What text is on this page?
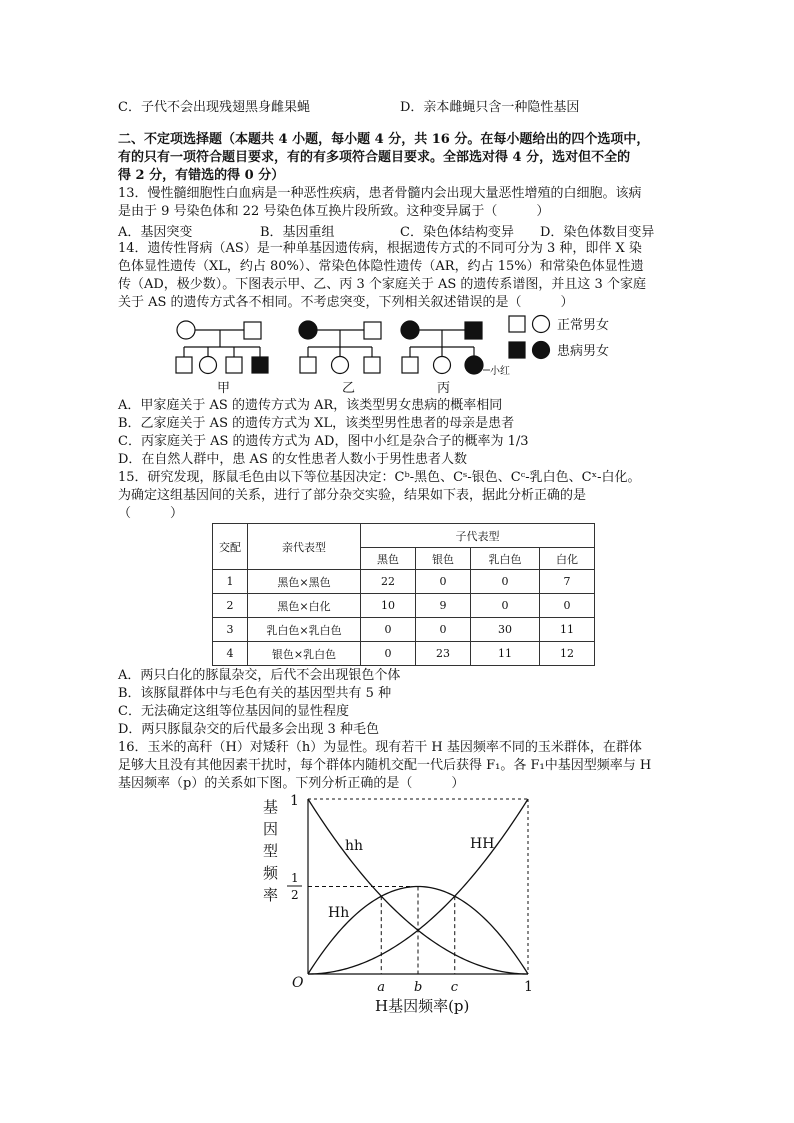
C．子代不会出现残翅黑身雌果蝇	D．亲本雌蝇只含一种隐性基因
二、不定项选择题（本题共 4 小题，每小题 4 分，共 16 分。在每小题给出的四个选项中，
有的只有一项符合题目要求，有的有多项符合题目要求。全部选对得 4 分，选对但不全的
得 2 分，有错选的得 0 分）
13．慢性髓细胞性白血病是一种恶性疾病，患者骨髓内会出现大量恶性增殖的白细胞。该病
是由于 9 号染色体和 22 号染色体互换片段所致。这种变异属于（　　　）
A．基因突变	B．基因重组	C．染色体结构变异 D．染色体数目变异
14．遗传性肾病（AS）是一种单基因遗传病，根据遗传方式的不同可分为 3 种，即伴 X 染
色体显性遗传（XL，约占 80%）、常染色体隐性遗传（AR，约占 15%）和常染色体显性遗
传（AD，极少数）。下图表示甲、乙、丙 3 个家庭关于 AS 的遗传系谱图，并且这 3 个家庭
关于 AS 的遗传方式各不相同。不考虑突变，下列相关叙述错误的是（　　　）
小红
正常男女
患病男女
甲	乙	丙
A．甲家庭关于 AS 的遗传方式为 AR，该类型男女患病的概率相同
B．乙家庭关于 AS 的遗传方式为 XL，该类型男性患者的母亲是患者
C．丙家庭关于 AS 的遗传方式为 AD，图中小红是杂合子的概率为 1/3
D．在自然人群中，患 AS 的女性患者人数小于男性患者人数
15．研究发现，豚鼠毛色由以下等位基因决定：Cᵇ-黑色、Cˢ-银色、Cᶜ-乳白色、Cˣ-白化。
为确定这组基因间的关系，进行了部分杂交实验，结果如下表，据此分析正确的是
（　　　）
交配	亲代表型	子代表型			
		黑色	银色	乳白色	白化
1	黑色×黑色	22	0	0	7
2	黑色×白化	10	9	0	0
3	乳白色×乳白色	0	0	30	11
4	银色×乳白色	0	23	11	12
A．两只白化的豚鼠杂交，后代不会出现银色个体
B．该豚鼠群体中与毛色有关的基因型共有 5 种
C．无法确定这组等位基因间的显性程度
D．两只豚鼠杂交的后代最多会出现 3 种毛色
16．玉米的高秆（H）对矮秆（h）为显性。现有若干 H 基因频率不同的玉米群体，在群体
足够大且没有其他因素干扰时，每个群体内随机交配一代后获得 F₁。各 F₁中基因型频率与 H
基因频率（p）的关系如下图。下列分析正确的是（　　　）
hh	HH
Hh
1
1
2
基
因
型
频
率
O	a b c	1
H基因频率(p)
